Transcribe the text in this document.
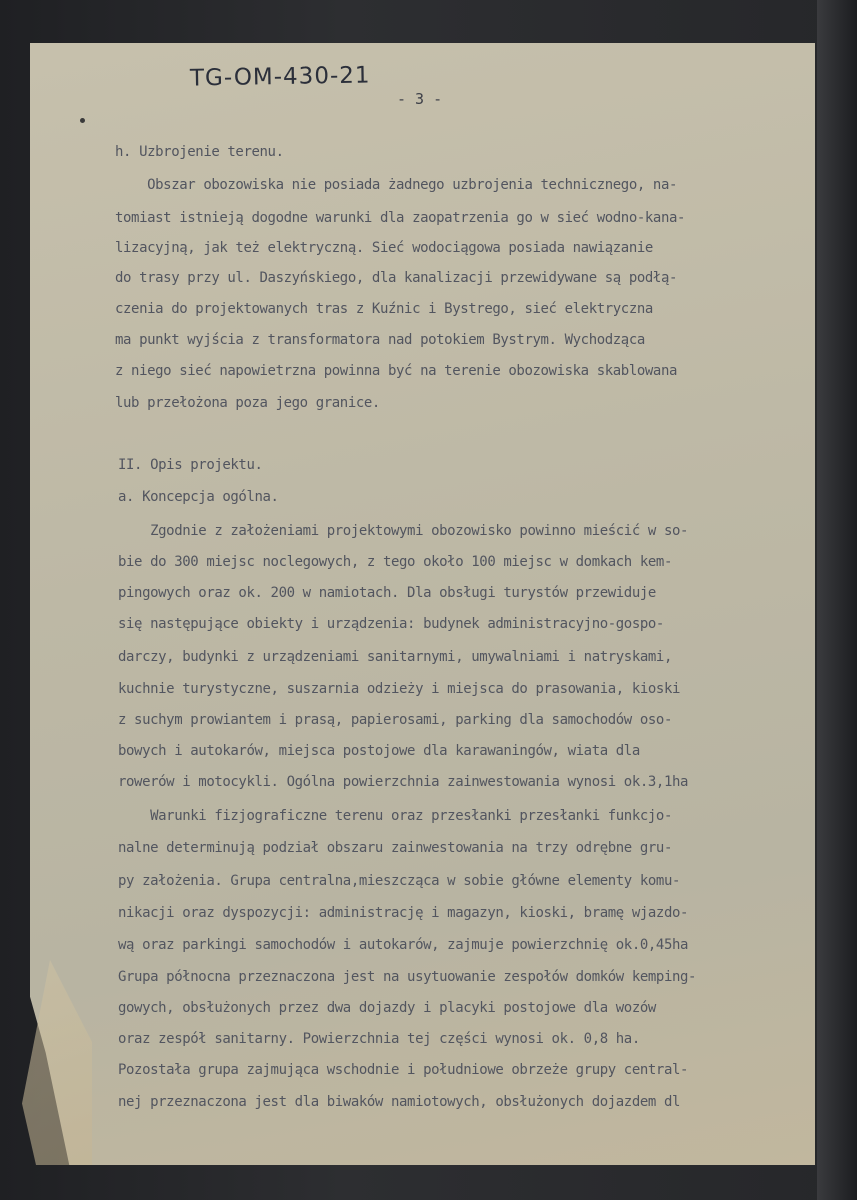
TG-OM-430-21
- 3 -
h. Uzbrojenie terenu.
Obszar obozowiska nie posiada żadnego uzbrojenia technicznego, na-
tomiast istnieją dogodne warunki dla zaopatrzenia go w sieć wodno-kana-
lizacyjną, jak też elektryczną. Sieć wodociągowa posiada nawiązanie
do trasy przy ul. Daszyńskiego, dla kanalizacji przewidywane są podłą-
czenia do projektowanych tras z Kuźnic i Bystrego, sieć elektryczna
ma punkt wyjścia z transformatora nad potokiem Bystrym. Wychodząca
z niego sieć napowietrzna powinna być na terenie obozowiska skablowana
lub przełożona poza jego granice.
II. Opis projektu.
a. Koncepcja ogólna.
Zgodnie z założeniami projektowymi obozowisko powinno mieścić w so-
bie do 300 miejsc noclegowych, z tego około 100 miejsc w domkach kem-
pingowych oraz ok. 200 w namiotach. Dla obsługi turystów przewiduje
się następujące obiekty i urządzenia: budynek administracyjno-gospo-
darczy, budynki z urządzeniami sanitarnymi, umywalniami i natryskami,
kuchnie turystyczne, suszarnia odzieży i miejsca do prasowania, kioski
z suchym prowiantem i prasą, papierosami, parking dla samochodów oso-
bowych i autokarów, miejsca postojowe dla karawaningów, wiata dla
rowerów i motocykli. Ogólna powierzchnia zainwestowania wynosi ok.3,1ha
Warunki fizjograficzne terenu oraz przesłanki przesłanki funkcjo-
nalne determinują podział obszaru zainwestowania na trzy odrębne gru-
py założenia. Grupa centralna,mieszcząca w sobie główne elementy komu-
nikacji oraz dyspozycji: administrację i magazyn, kioski, bramę wjazdo-
wą oraz parkingi samochodów i autokarów, zajmuje powierzchnię ok.0,45ha
Grupa północna przeznaczona jest na usytuowanie zespołów domków kemping-
gowych, obsłużonych przez dwa dojazdy i placyki postojowe dla wozów
oraz zespół sanitarny. Powierzchnia tej części wynosi ok. 0,8 ha.
Pozostała grupa zajmująca wschodnie i południowe obrzeże grupy central-
nej przeznaczona jest dla biwaków namiotowych, obsłużonych dojazdem dl
